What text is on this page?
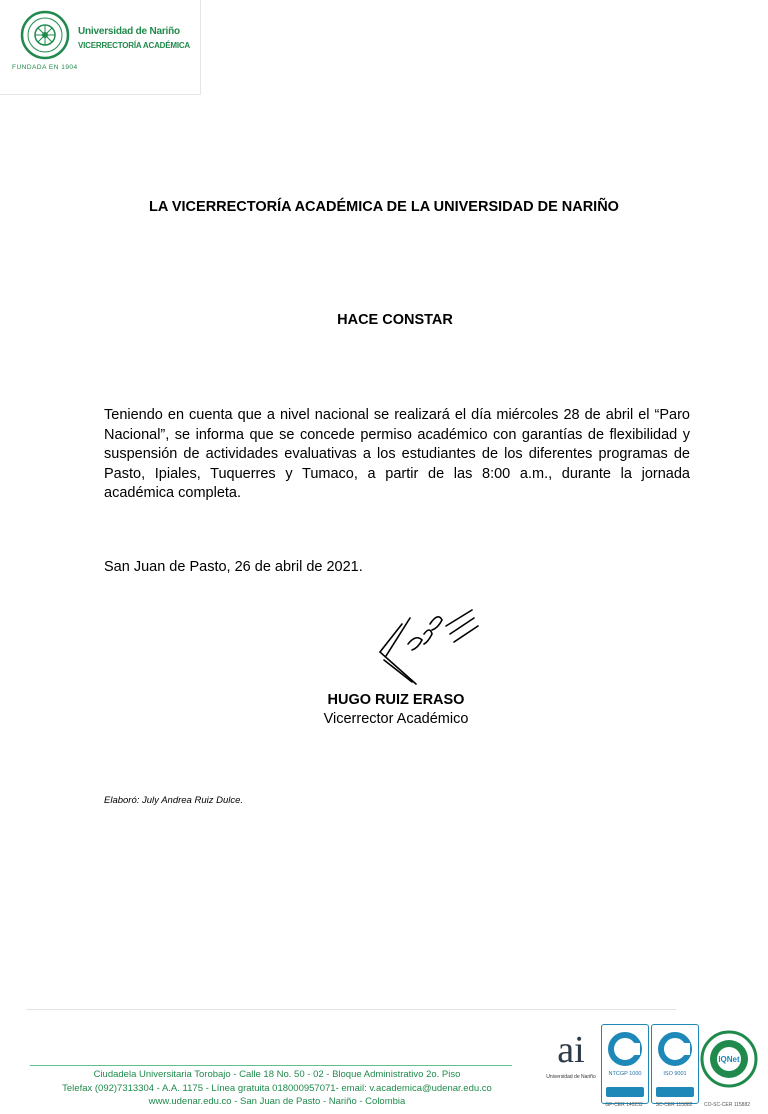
Universidad de Nariño
VICERRECTORÍA ACADÉMICA
FUNDADA EN 1904
LA VICERRECTORÍA ACADÉMICA DE LA UNIVERSIDAD DE NARIÑO
HACE CONSTAR
Teniendo en cuenta que a nivel nacional se realizará el día miércoles 28 de abril el “Paro Nacional”, se informa que se concede permiso académico con garantías de flexibilidad y suspensión de actividades evaluativas a los estudiantes de los diferentes programas de Pasto, Ipiales, Tuquerres y Tumaco, a partir de las 8:00 a.m., durante la jornada académica completa.
San Juan de Pasto, 26 de abril de 2021.
HUGO RUIZ ERASO
Vicerrector Académico
Elaboró: July Andrea Ruiz Dulce.
Ciudadela Universitaria Torobajo - Calle 18 No. 50 - 02 - Bloque Administrativo 2o. Piso
Telefax (092)7313304 - A.A. 1175 - Línea gratuita 018000957071- email: v.academica@udenar.edu.co
www.udenar.edu.co - San Juan de Pasto - Nariño - Colombia
ai
Universidad de Nariño	NTCGP 1000	ISO 9001
GP-CER 140232	SC-CER 115882
IQNet
CO-SC-CER 115882
